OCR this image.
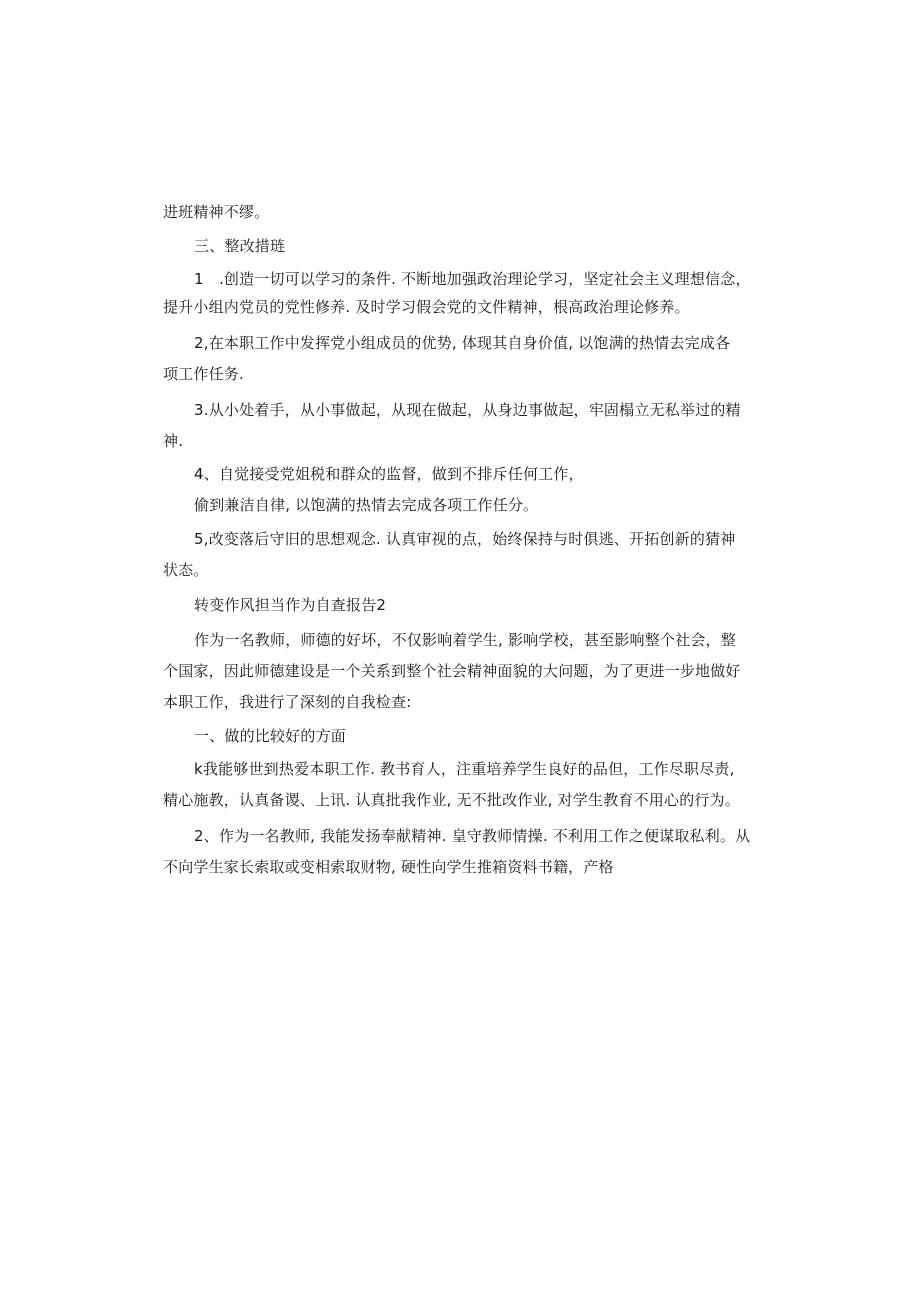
进班精神不缪。
三、整改措琏
1　.创造一切可以学习的条件. 不断地加强政治理论学习，坚定社会主义理想信念，
提升小组内党员的党性修养. 及时学习假会党的文件精神，根高政治理论修养。
2,在本职工作中发挥党小组成员的优势, 体现其自身价值, 以饱满的热情去完成各
项工作任务.
3.从小处着手，从小事做起，从现在做起，从身边事做起，牢固榻立无私举过的精
神.
4、自觉接受党姐税和群众的监督，做到不排斥任何工作，
偷到兼洁自律, 以饱满的热情去完成各项工作任分。
5,改变落后守旧的思想观念. 认真审视的点，始终保持与时俱逃、开拓创新的猜神
状态。
转变作风担当作为自查报告2
作为一名教师，师德的好坏，不仅影响着学生, 影响学校，甚至影响整个社会，整
个国家，因此师德建设是一个关系到整个社会精神面貌的大问题，为了更进一步地做好
本职工作，我进行了深刻的自我检查:
一、做的比较好的方面
k我能够世到热爱本职工作. 教书育人，注重培养学生良好的品但，工作尽职尽责,
精心施教，认真备谡、上讯. 认真批我作业, 无不批改作业, 对学生教育不用心的行为。
2、作为一名教师, 我能发扬奉献精神. 皇守教师情操. 不利用工作之便谋取私利。从
不向学生家长索取或变相索取财物, 硬性向学生推箱资料书籍，产格
